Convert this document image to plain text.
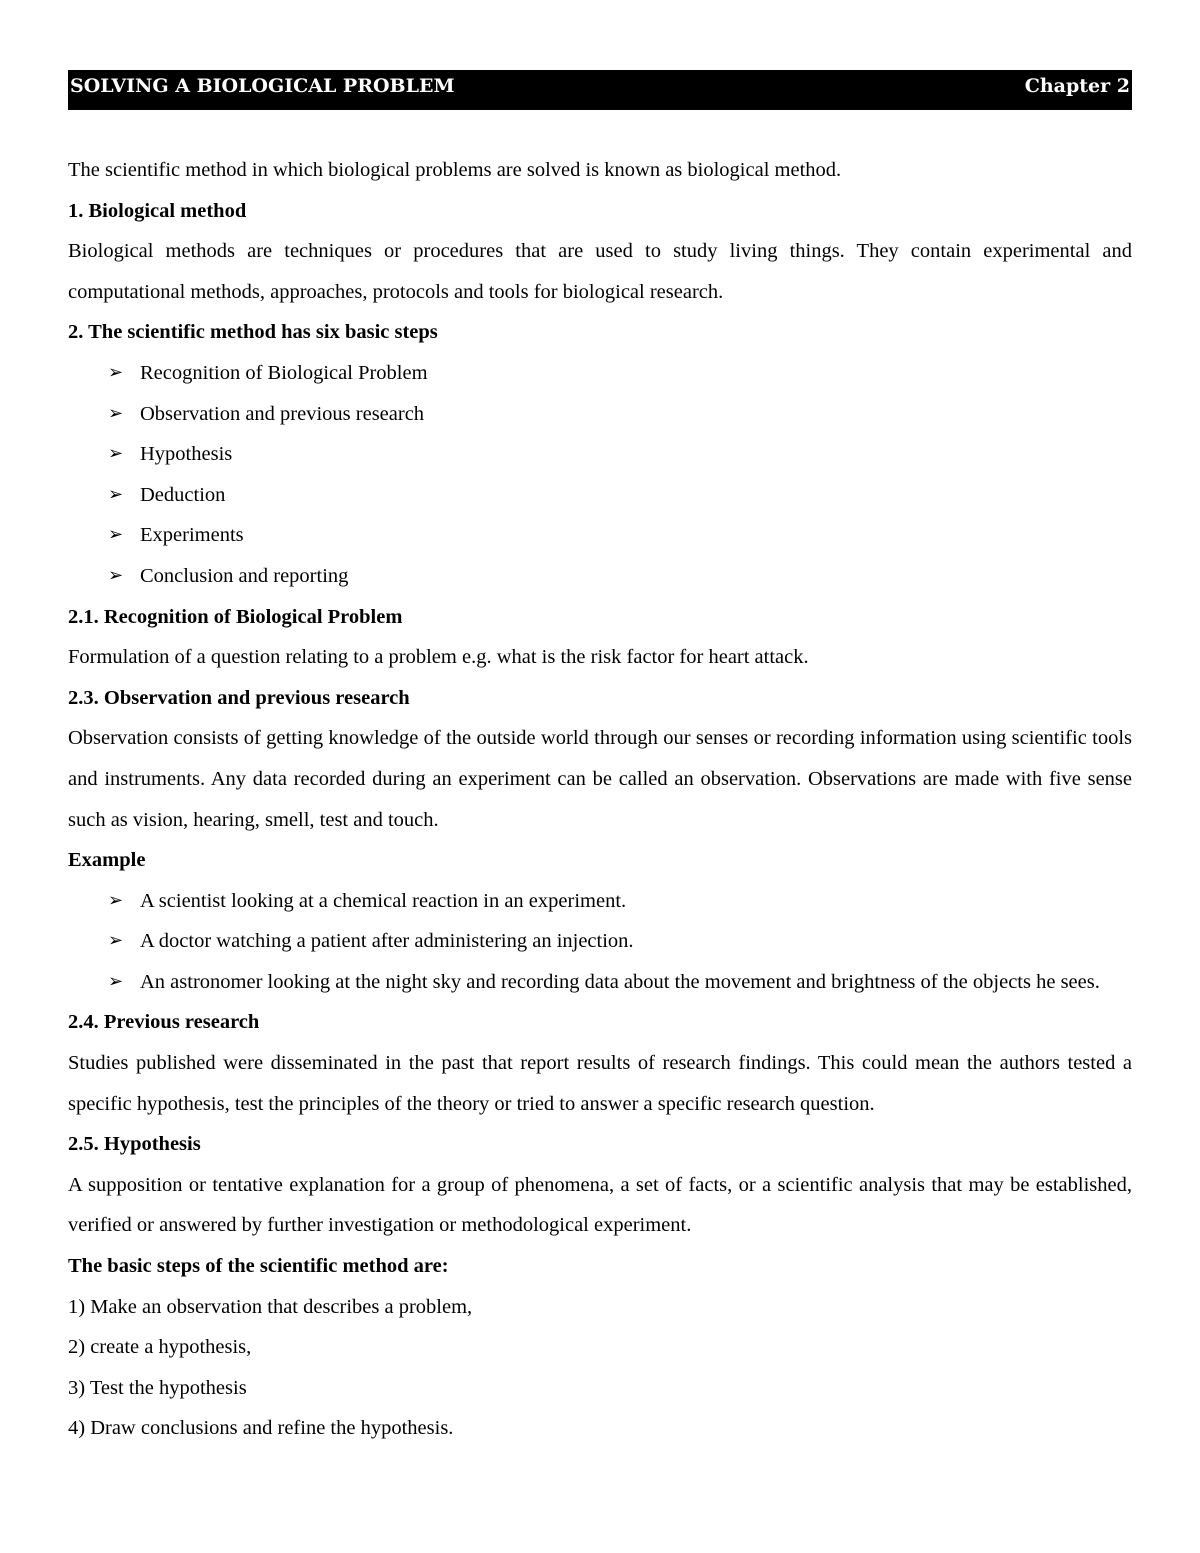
SOLVING A BIOLOGICAL PROBLEM	Chapter 2

The scientific method in which biological problems are solved is known as biological method.

1. Biological method

Biological methods are techniques or procedures that are used to study living things. They contain experimental and computational methods, approaches, protocols and tools for biological research.

2. The scientific method has six basic steps

➢ Recognition of Biological Problem
➢ Observation and previous research
➢ Hypothesis
➢ Deduction
➢ Experiments
➢ Conclusion and reporting

2.1. Recognition of Biological Problem

Formulation of a question relating to a problem e.g. what is the risk factor for heart attack.

2.3. Observation and previous research

Observation consists of getting knowledge of the outside world through our senses or recording information using scientific tools and instruments. Any data recorded during an experiment can be called an observation. Observations are made with five sense such as vision, hearing, smell, test and touch.

Example

➢ A scientist looking at a chemical reaction in an experiment.
➢ A doctor watching a patient after administering an injection.
➢ An astronomer looking at the night sky and recording data about the movement and brightness of the objects he sees.

2.4. Previous research

Studies published were disseminated in the past that report results of research findings. This could mean the authors tested a specific hypothesis, test the principles of the theory or tried to answer a specific research question.

2.5. Hypothesis

A supposition or tentative explanation for a group of phenomena, a set of facts, or a scientific analysis that may be established, verified or answered by further investigation or methodological experiment.

The basic steps of the scientific method are:

1) Make an observation that describes a problem,

2) create a hypothesis,

3) Test the hypothesis

4) Draw conclusions and refine the hypothesis.
